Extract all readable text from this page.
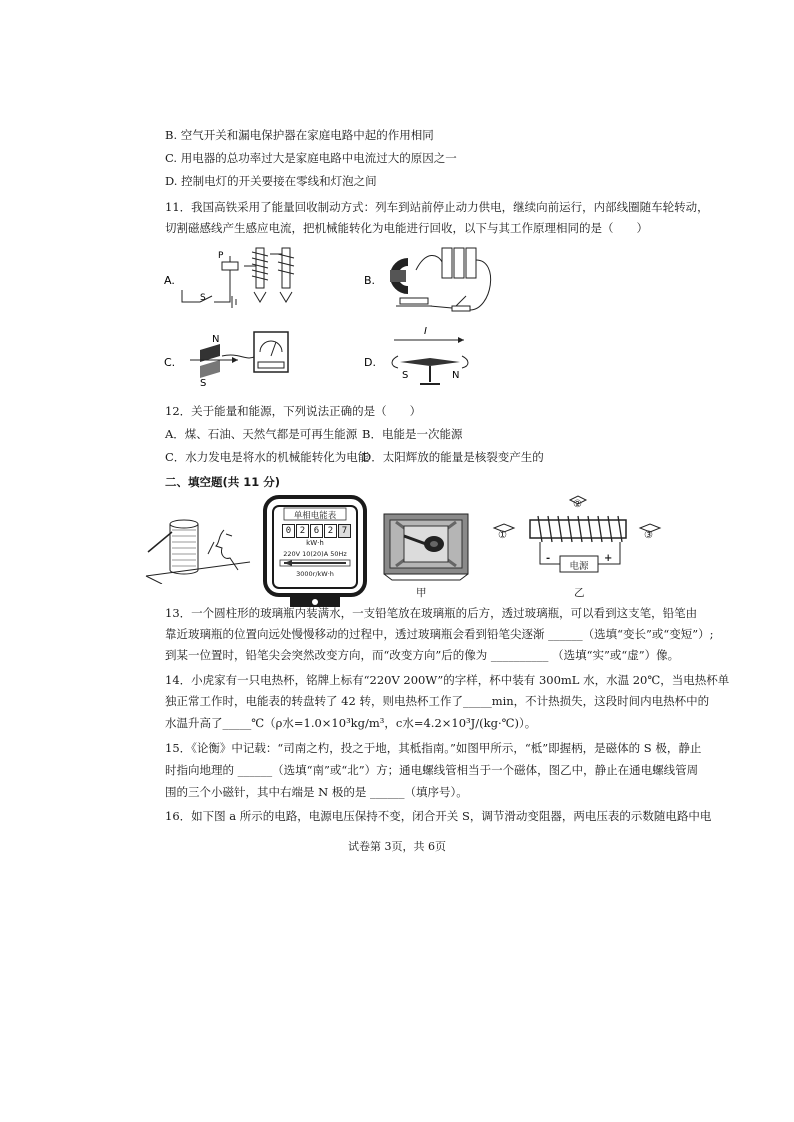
B. 空气开关和漏电保护器在家庭电路中起的作用相同
C. 用电器的总功率过大是家庭电路中电流过大的原因之一
D. 控制电灯的开关要接在零线和灯泡之间
11．我国高铁采用了能量回收制动方式：列车到站前停止动力供电，继续向前运行，内部线圈随车轮转动，
切割磁感线产生感应电流，把机械能转化为电能进行回收，以下与其工作原理相同的是（　　）
A.
P
S
B.
C.
N
S
D.
I
S	N
12．关于能量和能源，下列说法正确的是（　　）
A．煤、石油、天然气都是可再生能源 B．电能是一次能源
C．水力发电是将水的机械能转化为电能
D．太阳辉放的能量是核裂变产生的
二、填空题(共 11 分)
单相电能表
0 2 6 2 7
kW·h
220V 10(20)A 50Hz
3000r/kW·h
甲
②
①	③
-	+
电源
乙
13．一个圆柱形的玻璃瓶内装满水，一支铅笔放在玻璃瓶的后方，透过玻璃瓶，可以看到这支笔，铅笔由
靠近玻璃瓶的位置向远处慢慢移动的过程中，透过玻璃瓶会看到铅笔尖逐渐 ______（选填“变长”或“变短”）;
到某一位置时，铅笔尖会突然改变方向，而“改变方向”后的像为 __________ （选填“实”或“虚”）像。
14．小虎家有一只电热杯，铭牌上标有“220V 200W”的字样，杯中装有 300mL 水，水温 20℃，当电热杯单
独正常工作时，电能表的转盘转了 42 转，则电热杯工作了_____min，不计热损失，这段时间内电热杯中的
水温升高了_____℃（ρ水=1.0×10³kg/m³，c水=4.2×10³J/(kg·℃)）。
15．《论衡》中记载：“司南之杓，投之于地，其柢指南。”如图甲所示，“柢”即握柄，是磁体的 S 极，静止
时指向地理的 ______（选填“南”或“北”）方；通电螺线管相当于一个磁体，图乙中，静止在通电螺线管周
围的三个小磁针，其中右端是 N 极的是 ______（填序号）。
16．如下图 a 所示的电路，电源电压保持不变，闭合开关 S，调节滑动变阻器，两电压表的示数随电路中电
试卷第 3页，共 6页
